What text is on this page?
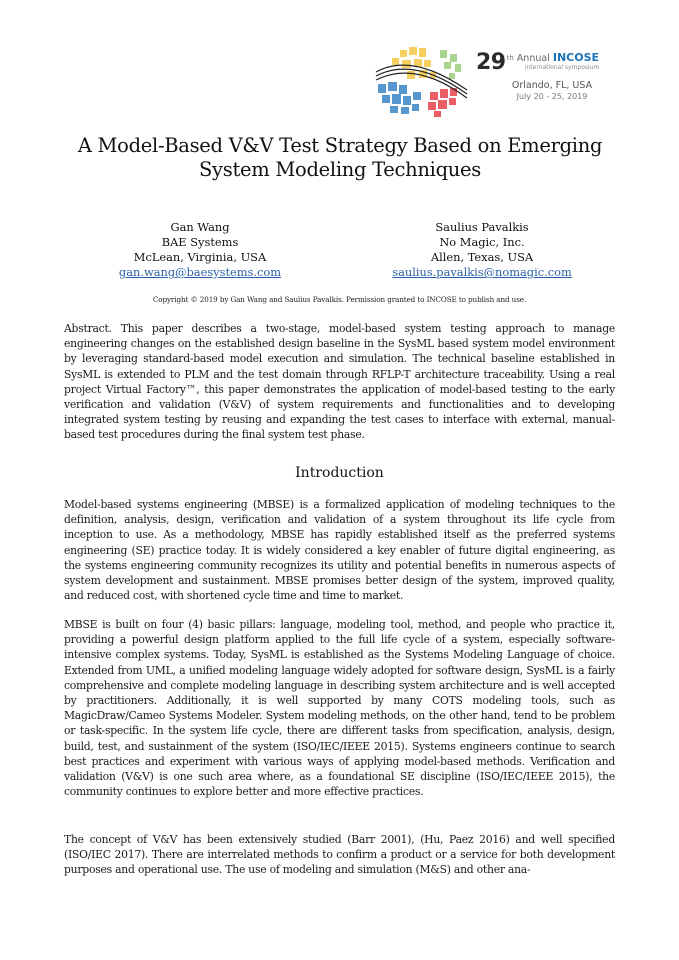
29 th Annual INCOSE
international symposium
Orlando, FL, USA
July 20 - 25, 2019
A Model-Based V&V Test Strategy Based on Emerging System Modeling Techniques
Gan Wang
BAE Systems
McLean, Virginia, USA
gan.wang@baesystems.com
Saulius Pavalkis
No Magic, Inc.
Allen, Texas, USA
saulius.pavalkis@nomagic.com
Copyright © 2019 by Gan Wang and Saulius Pavalkis. Permission granted to INCOSE to publish and use.

Abstract. This paper describes a two-stage, model-based system testing approach to manage engineering changes on the established design baseline in the SysML based system model environment by leveraging standard-based model execution and simulation. The technical baseline established in SysML is extended to PLM and the test domain through RFLP-T architecture traceability. Using a real project Virtual Factory™, this paper demonstrates the application of model-based testing to the early verification and validation (V&V) of system requirements and functionalities and to developing integrated system testing by reusing and expanding the test cases to interface with external, manual-based test procedures during the final system test phase.

Introduction

Model-based systems engineering (MBSE) is a formalized application of modeling techniques to the definition, analysis, design, verification and validation of a system throughout its life cycle from inception to use. As a methodology, MBSE has rapidly established itself as the preferred systems engineering (SE) practice today. It is widely considered a key enabler of future digital engineering, as the systems engineering community recognizes its utility and potential benefits in numerous aspects of system development and sustainment. MBSE promises better design of the system, improved quality, and reduced cost, with shortened cycle time and time to market.

MBSE is built on four (4) basic pillars: language, modeling tool, method, and people who practice it, providing a powerful design platform applied to the full life cycle of a system, especially software-intensive complex systems. Today, SysML is established as the Systems Modeling Language of choice. Extended from UML, a unified modeling language widely adopted for software design, SysML is a fairly comprehensive and complete modeling language in describing system architecture and is well accepted by practitioners. Additionally, it is well supported by many COTS modeling tools, such as MagicDraw/Cameo Systems Modeler. System modeling methods, on the other hand, tend to be problem or task-specific. In the system life cycle, there are different tasks from specification, analysis, design, build, test, and sustainment of the system (ISO/IEC/IEEE 2015). Systems engineers continue to search best practices and experiment with various ways of applying model-based methods. Verification and validation (V&V) is one such area where, as a foundational SE discipline (ISO/IEC/IEEE 2015), the community continues to explore better and more effective practices.

The concept of V&V has been extensively studied (Barr 2001), (Hu, Paez 2016) and well specified (ISO/IEC 2017). There are interrelated methods to confirm a product or a service for both development purposes and operational use. The use of modeling and simulation (M&S) and other ana-
